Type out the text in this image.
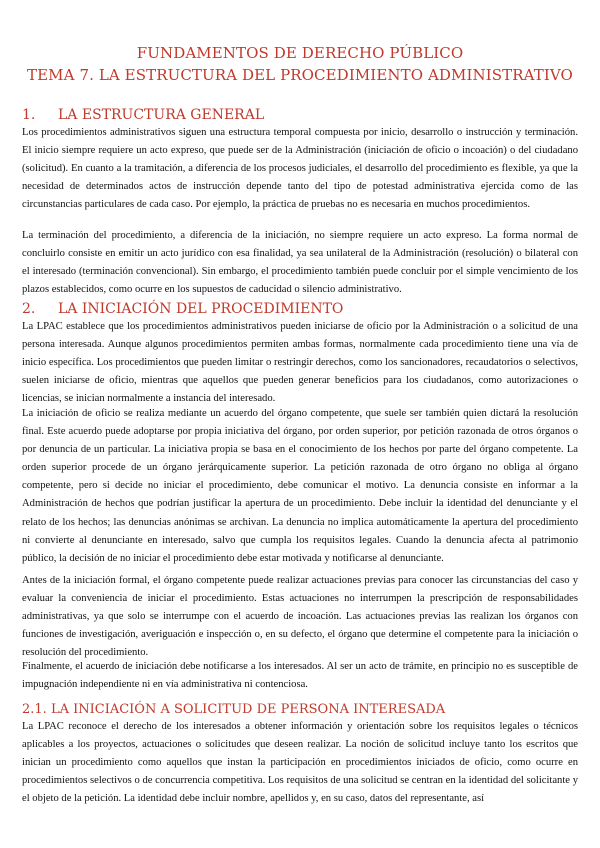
FUNDAMENTOS DE DERECHO PÚBLICO
TEMA 7. LA ESTRUCTURA DEL PROCEDIMIENTO ADMINISTRATIVO
1. LA ESTRUCTURA GENERAL

Los procedimientos administrativos siguen una estructura temporal compuesta por inicio, desarrollo o instrucción y terminación. El inicio siempre requiere un acto expreso, que puede ser de la Administración (iniciación de oficio o incoación) o del ciudadano (solicitud). En cuanto a la tramitación, a diferencia de los procesos judiciales, el desarrollo del procedimiento es flexible, ya que la necesidad de determinados actos de instrucción depende tanto del tipo de potestad administrativa ejercida como de las circunstancias particulares de cada caso. Por ejemplo, la práctica de pruebas no es necesaria en muchos procedimientos.

La terminación del procedimiento, a diferencia de la iniciación, no siempre requiere un acto expreso. La forma normal de concluirlo consiste en emitir un acto jurídico con esa finalidad, ya sea unilateral de la Administración (resolución) o bilateral con el interesado (terminación convencional). Sin embargo, el procedimiento también puede concluir por el simple vencimiento de los plazos establecidos, como ocurre en los supuestos de caducidad o silencio administrativo.

2. LA INICIACIÓN DEL PROCEDIMIENTO

La LPAC establece que los procedimientos administrativos pueden iniciarse de oficio por la Administración o a solicitud de una persona interesada. Aunque algunos procedimientos permiten ambas formas, normalmente cada procedimiento tiene una vía de inicio específica. Los procedimientos que pueden limitar o restringir derechos, como los sancionadores, recaudatorios o selectivos, suelen iniciarse de oficio, mientras que aquellos que pueden generar beneficios para los ciudadanos, como autorizaciones o licencias, se inician normalmente a instancia del interesado.

La iniciación de oficio se realiza mediante un acuerdo del órgano competente, que suele ser también quien dictará la resolución final. Este acuerdo puede adoptarse por propia iniciativa del órgano, por orden superior, por petición razonada de otros órganos o por denuncia de un particular. La iniciativa propia se basa en el conocimiento de los hechos por parte del órgano competente. La orden superior procede de un órgano jerárquicamente superior. La petición razonada de otro órgano no obliga al órgano competente, pero si decide no iniciar el procedimiento, debe comunicar el motivo. La denuncia consiste en informar a la Administración de hechos que podrían justificar la apertura de un procedimiento. Debe incluir la identidad del denunciante y el relato de los hechos; las denuncias anónimas se archivan. La denuncia no implica automáticamente la apertura del procedimiento ni convierte al denunciante en interesado, salvo que cumpla los requisitos legales. Cuando la denuncia afecta al patrimonio público, la decisión de no iniciar el procedimiento debe estar motivada y notificarse al denunciante.

Antes de la iniciación formal, el órgano competente puede realizar actuaciones previas para conocer las circunstancias del caso y evaluar la conveniencia de iniciar el procedimiento. Estas actuaciones no interrumpen la prescripción de responsabilidades administrativas, ya que solo se interrumpe con el acuerdo de incoación. Las actuaciones previas las realizan los órganos con funciones de investigación, averiguación e inspección o, en su defecto, el órgano que determine el competente para la iniciación o resolución del procedimiento.

Finalmente, el acuerdo de iniciación debe notificarse a los interesados. Al ser un acto de trámite, en principio no es susceptible de impugnación independiente ni en vía administrativa ni contenciosa.

2.1. LA INICIACIÓN A SOLICITUD DE PERSONA INTERESADA

La LPAC reconoce el derecho de los interesados a obtener información y orientación sobre los requisitos legales o técnicos aplicables a los proyectos, actuaciones o solicitudes que deseen realizar. La noción de solicitud incluye tanto los escritos que inician un procedimiento como aquellos que instan la participación en procedimientos iniciados de oficio, como ocurre en procedimientos selectivos o de concurrencia competitiva. Los requisitos de una solicitud se centran en la identidad del solicitante y el objeto de la petición. La identidad debe incluir nombre, apellidos y, en su caso, datos del representante, así
